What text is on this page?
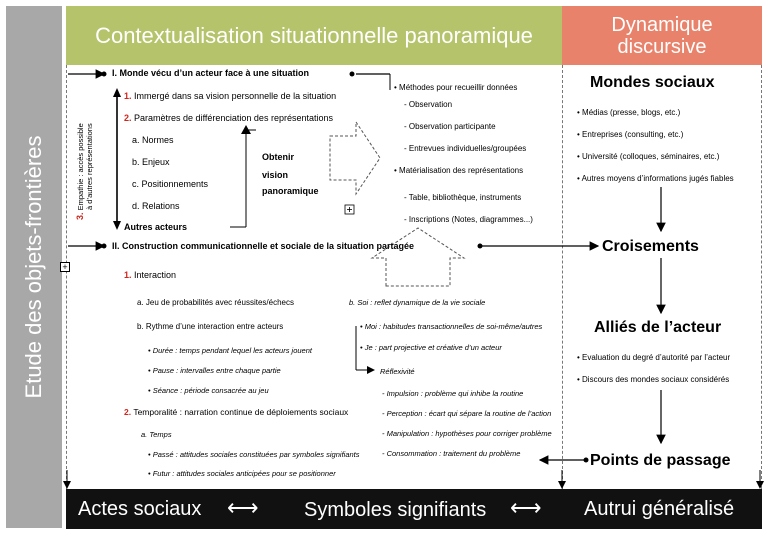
Etude des objets-frontières
Contextualisation situationnelle panoramique	Dynamique discursive
+
I. Monde vécu d’un acteur face à une situation
1. Immergé dans sa vision personnelle de la situation
2. Paramètres de différenciation des représentations
a. Normes
b. Enjeux
c. Positionnements
d. Relations
Autres acteurs
3. Empathie : accès possible
à d’autres représentations	Obtenir
vision
panoramique
• Méthodes pour recueillir données
- Observation
- Observation participante
- Entrevues individuelles/groupées
• Matérialisation des représentations
- Table, bibliothèque, instruments
- Inscriptions (Notes, diagrammes...)
II. Construction communicationnelle et sociale de la situation partagée
1. Interaction
a. Jeu de probabilités avec réussites/échecs
b. Rythme d’une interaction entre acteurs
• Durée : temps pendant lequel les acteurs jouent
• Pause : intervalles entre chaque partie
• Séance : période consacrée au jeu
2. Temporalité : narration continue de déploiements sociaux
a. Temps
• Passé : attitudes sociales constituées par symboles signifiants
• Futur : attitudes sociales anticipées pour se positionner
b. Soi : reflet dynamique de la vie sociale
• Moi : habitudes transactionnelles de soi-même/autres
• Je : part projective et créative d’un acteur
Réflexivité
- Impulsion : problème qui inhibe la routine
- Perception : écart qui sépare la routine de l’action
- Manipulation : hypothèses pour corriger problème
- Consommation : traitement du problème
Mondes sociaux
• Médias (presse, blogs, etc.)
• Entreprises (consulting, etc.)
• Université (colloques, séminaires, etc.)
• Autres moyens d’informations jugés fiables
Croisements
Alliés de l’acteur
• Evaluation du degré d’autorité par l’acteur
• Discours des mondes sociaux considérés
Points de passage
Actes sociaux ⟷ Symboles signifiants ⟷ Autrui généralisé
